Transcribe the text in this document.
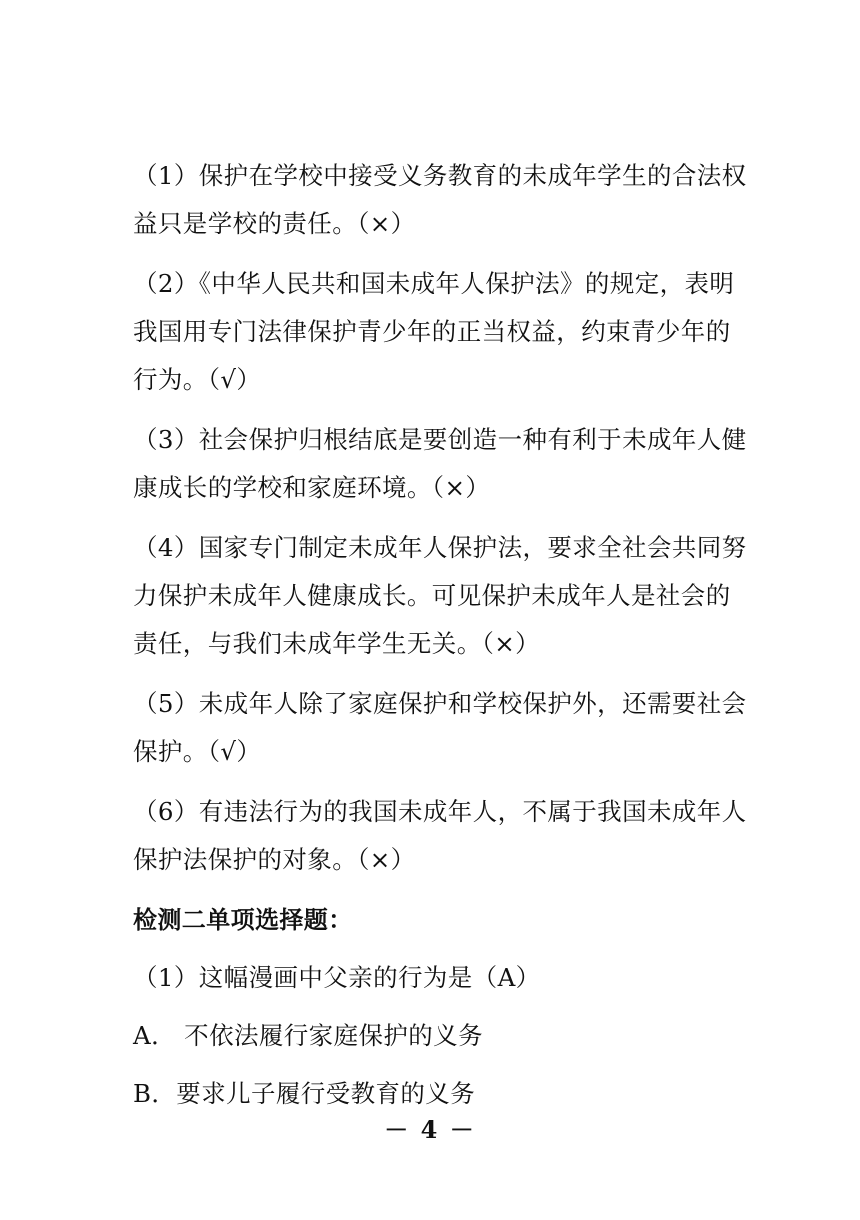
（1）保护在学校中接受义务教育的未成年学生的合法权
益只是学校的责任。（×）
（2）《中华人民共和国未成年人保护法》的规定，表明
我国用专门法律保护青少年的正当权益，约束青少年的
行为。（√）
（3）社会保护归根结底是要创造一种有利于未成年人健
康成长的学校和家庭环境。（×）
（4）国家专门制定未成年人保护法，要求全社会共同努
力保护未成年人健康成长。可见保护未成年人是社会的
责任，与我们未成年学生无关。（×）
（5）未成年人除了家庭保护和学校保护外，还需要社会
保护。（√）
（6）有违法行为的我国未成年人，不属于我国未成年人
保护法保护的对象。（×）
检测二单项选择题：
（1）这幅漫画中父亲的行为是（A）
A． 不依法履行家庭保护的义务
B．要求儿子履行受教育的义务
－ 4 －
